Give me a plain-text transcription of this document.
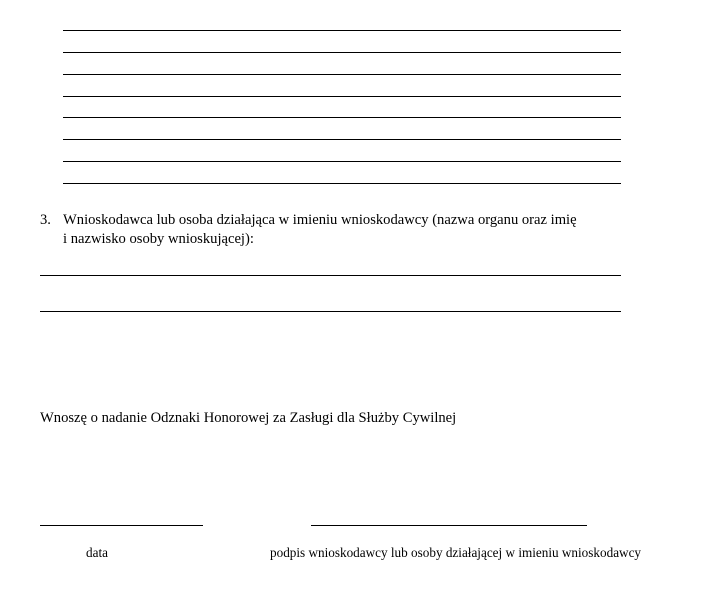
3. Wnioskodawca lub osoba działająca w imieniu wnioskodawcy (nazwa organu oraz imię
i nazwisko osoby wnioskującej):
Wnoszę o nadanie Odznaki Honorowej za Zasługi dla Służby Cywilnej
data	podpis wnioskodawcy lub osoby działającej w imieniu wnioskodawcy
